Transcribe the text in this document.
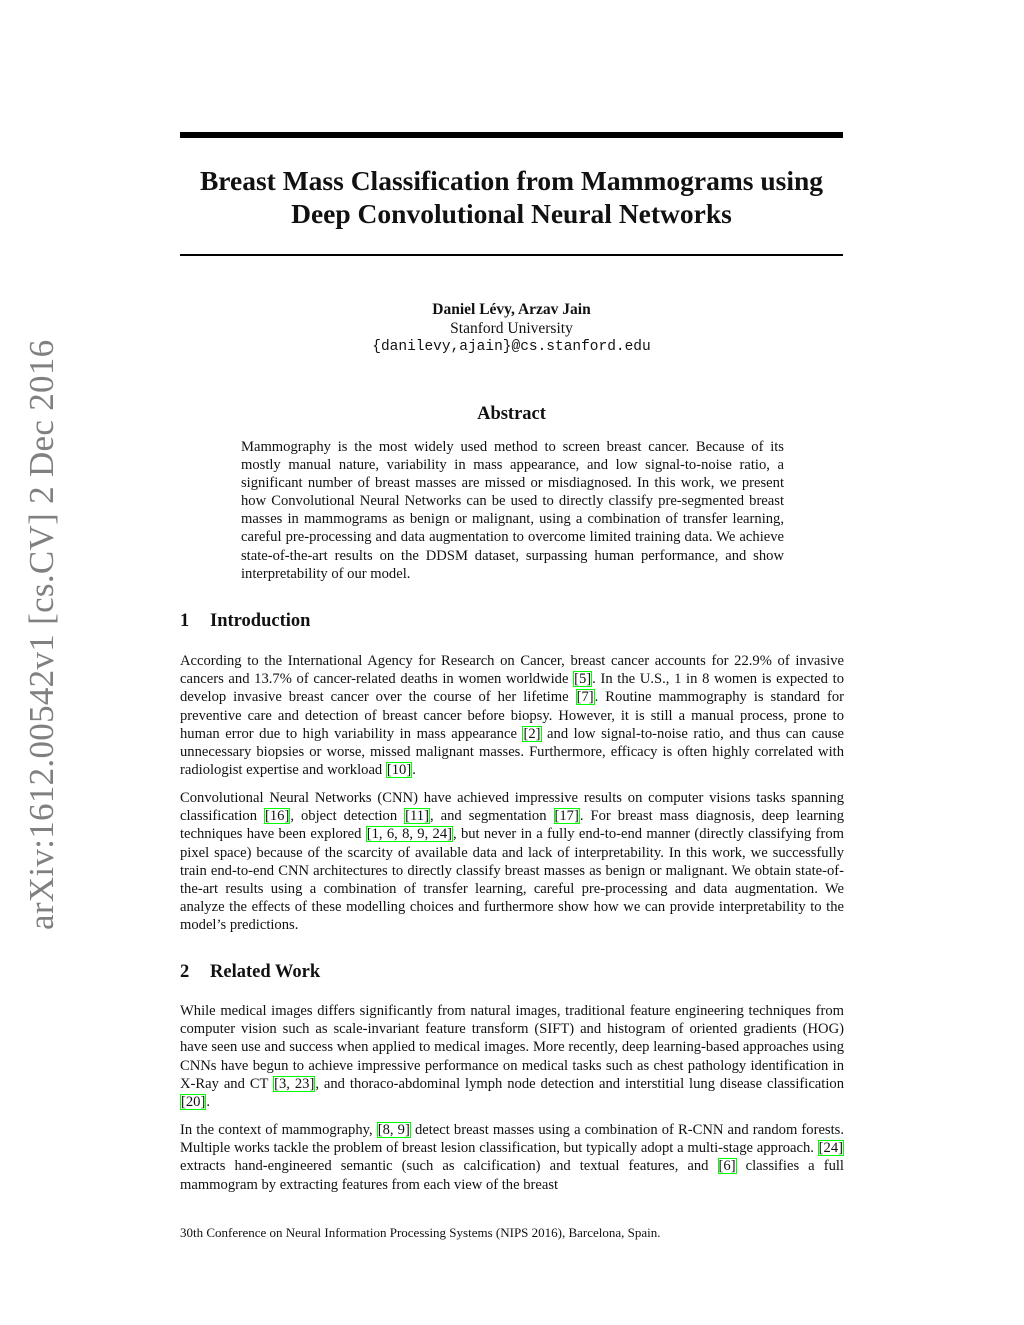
arXiv:1612.00542v1 [cs.CV] 2 Dec 2016
Breast Mass Classification from Mammograms using
Deep Convolutional Neural Networks
Daniel Lévy, Arzav Jain
Stanford University
{danilevy,ajain}@cs.stanford.edu
Abstract
Mammography is the most widely used method to screen breast cancer. Because of its mostly manual nature, variability in mass appearance, and low signal-to-noise ratio, a significant number of breast masses are missed or misdiagnosed. In this work, we present how Convolutional Neural Networks can be used to directly classify pre-segmented breast masses in mammograms as benign or malignant, using a combination of transfer learning, careful pre-processing and data augmentation to overcome limited training data. We achieve state-of-the-art results on the DDSM dataset, surpassing human performance, and show interpretability of our model.
1 Introduction
According to the International Agency for Research on Cancer, breast cancer accounts for 22.9% of invasive cancers and 13.7% of cancer-related deaths in women worldwide [5]. In the U.S., 1 in 8 women is expected to develop invasive breast cancer over the course of her lifetime [7]. Routine mammography is standard for preventive care and detection of breast cancer before biopsy. However, it is still a manual process, prone to human error due to high variability in mass appearance [2] and low signal-to-noise ratio, and thus can cause unnecessary biopsies or worse, missed malignant masses. Furthermore, efficacy is often highly correlated with radiologist expertise and workload [10].
Convolutional Neural Networks (CNN) have achieved impressive results on computer visions tasks spanning classification [16], object detection [11], and segmentation [17]. For breast mass diagnosis, deep learning techniques have been explored [1, 6, 8, 9, 24], but never in a fully end-to-end manner (directly classifying from pixel space) because of the scarcity of available data and lack of interpretability. In this work, we successfully train end-to-end CNN architectures to directly classify breast masses as benign or malignant. We obtain state-of-the-art results using a combination of transfer learning, careful pre-processing and data augmentation. We analyze the effects of these modelling choices and furthermore show how we can provide interpretability to the model’s predictions.
2 Related Work
While medical images differs significantly from natural images, traditional feature engineering techniques from computer vision such as scale-invariant feature transform (SIFT) and histogram of oriented gradients (HOG) have seen use and success when applied to medical images. More recently, deep learning-based approaches using CNNs have begun to achieve impressive performance on medical tasks such as chest pathology identification in X-Ray and CT [3, 23], and thoraco-abdominal lymph node detection and interstitial lung disease classification [20].
In the context of mammography, [8, 9] detect breast masses using a combination of R-CNN and random forests. Multiple works tackle the problem of breast lesion classification, but typically adopt a multi-stage approach. [24] extracts hand-engineered semantic (such as calcification) and textual features, and [6] classifies a full mammogram by extracting features from each view of the breast
30th Conference on Neural Information Processing Systems (NIPS 2016), Barcelona, Spain.
